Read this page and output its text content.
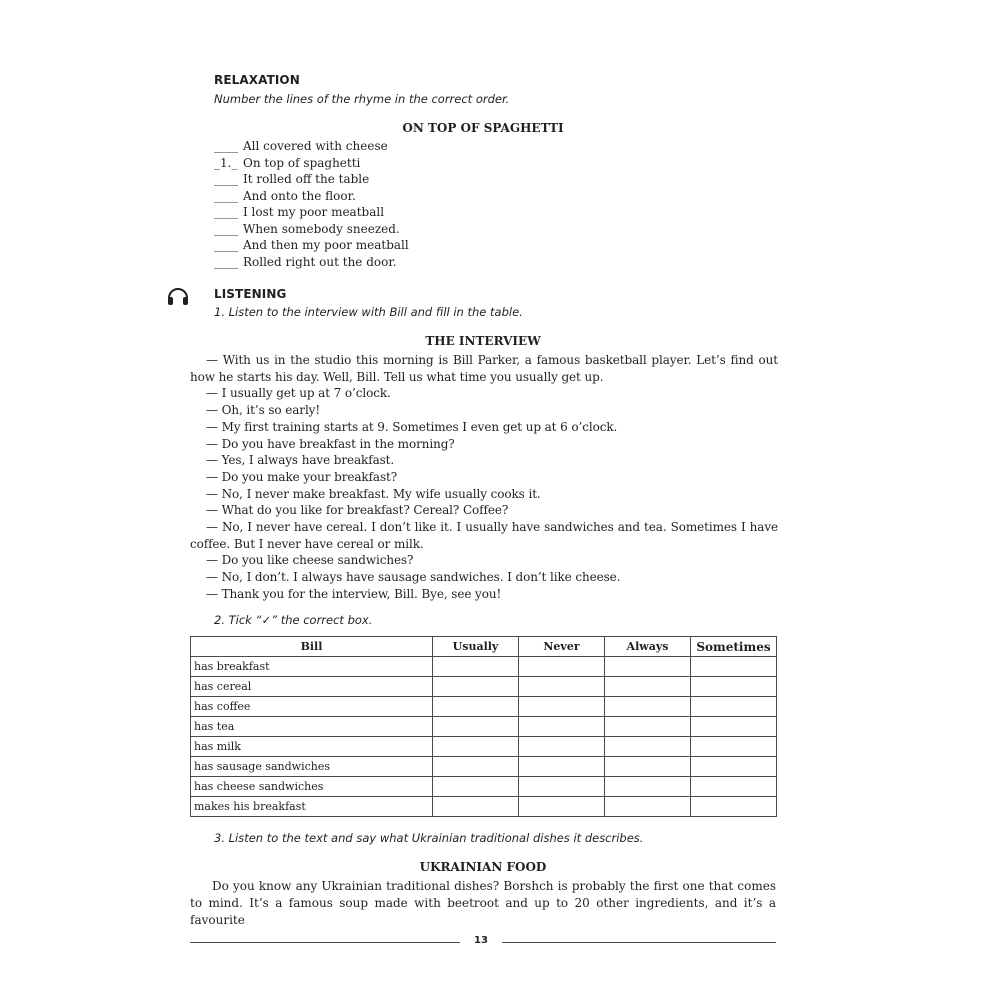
RELAXATION
Number the lines of the rhyme in the correct order.
ON TOP OF SPAGHETTI
____ All covered with cheese
_1._ On top of spaghetti
____ It rolled off the table
____ And onto the floor.
____ I lost my poor meatball
____ When somebody sneezed.
____ And then my poor meatball
____ Rolled right out the door.
LISTENING
1. Listen to the interview with Bill and fill in the table.
THE INTERVIEW

— With us in the studio this morning is Bill Parker, a famous basketball player. Let’s find out how he starts his day. Well, Bill. Tell us what time you usually get up.

— I usually get up at 7 o’clock.

— Oh, it’s so early!

— My first training starts at 9. Sometimes I even get up at 6 o’clock.

— Do you have breakfast in the morning?

— Yes, I always have breakfast.

— Do you make your breakfast?

— No, I never make breakfast. My wife usually cooks it.

— What do you like for breakfast? Cereal? Coffee?

— No, I never have cereal. I don’t like it. I usually have sandwiches and tea. Sometimes I have coffee. But I never have cereal or milk.

— Do you like cheese sandwiches?

— No, I don’t. I always have sausage sandwiches. I don’t like cheese.

— Thank you for the interview, Bill. Bye, see you!

2. Tick “✓” the correct box.
Bill	Usually	Never	Always	Sometimes
has breakfast				
has cereal				
has coffee				
has tea				
has milk				
has sausage sandwiches				
has cheese sandwiches				
makes his breakfast				
3. Listen to the text and say what Ukrainian traditional dishes it describes.
UKRAINIAN FOOD
Do you know any Ukrainian traditional dishes? Borshch is probably the first one that comes to mind. It’s a famous soup made with beetroot and up to 20 other ingredients, and it’s a favourite
13
